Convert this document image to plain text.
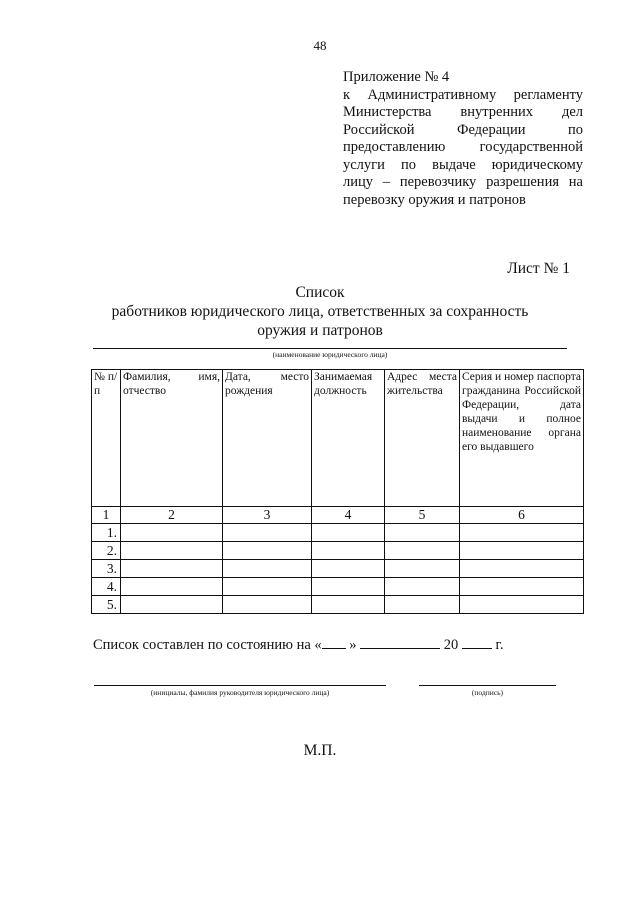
48
Приложение № 4
к Административному регламенту
Министерства внутренних дел
Российской Федерации по
предоставлению государственной
услуги по выдаче юридическому
лицу – перевозчику разрешения на
перевозку оружия и патронов
Лист № 1
Список
работников юридического лица, ответственных за сохранность
оружия и патронов
(наименование юридического лица)
№ п/п	Фамилия, имя, отчество	Дата, место рождения	Занимаемая должность	Адрес места жительства	Серия и номер паспорта гражданина Российской Федерации, дата выдачи и полное наименование органа его выдавшего

1	2	3	4	5	6
1.					
2.					
3.					
4.					
5.					
Список составлен по состоянию на « »	20	г.
(инициалы, фамилия руководителя юридического лица)	(подпись)
М.П.
